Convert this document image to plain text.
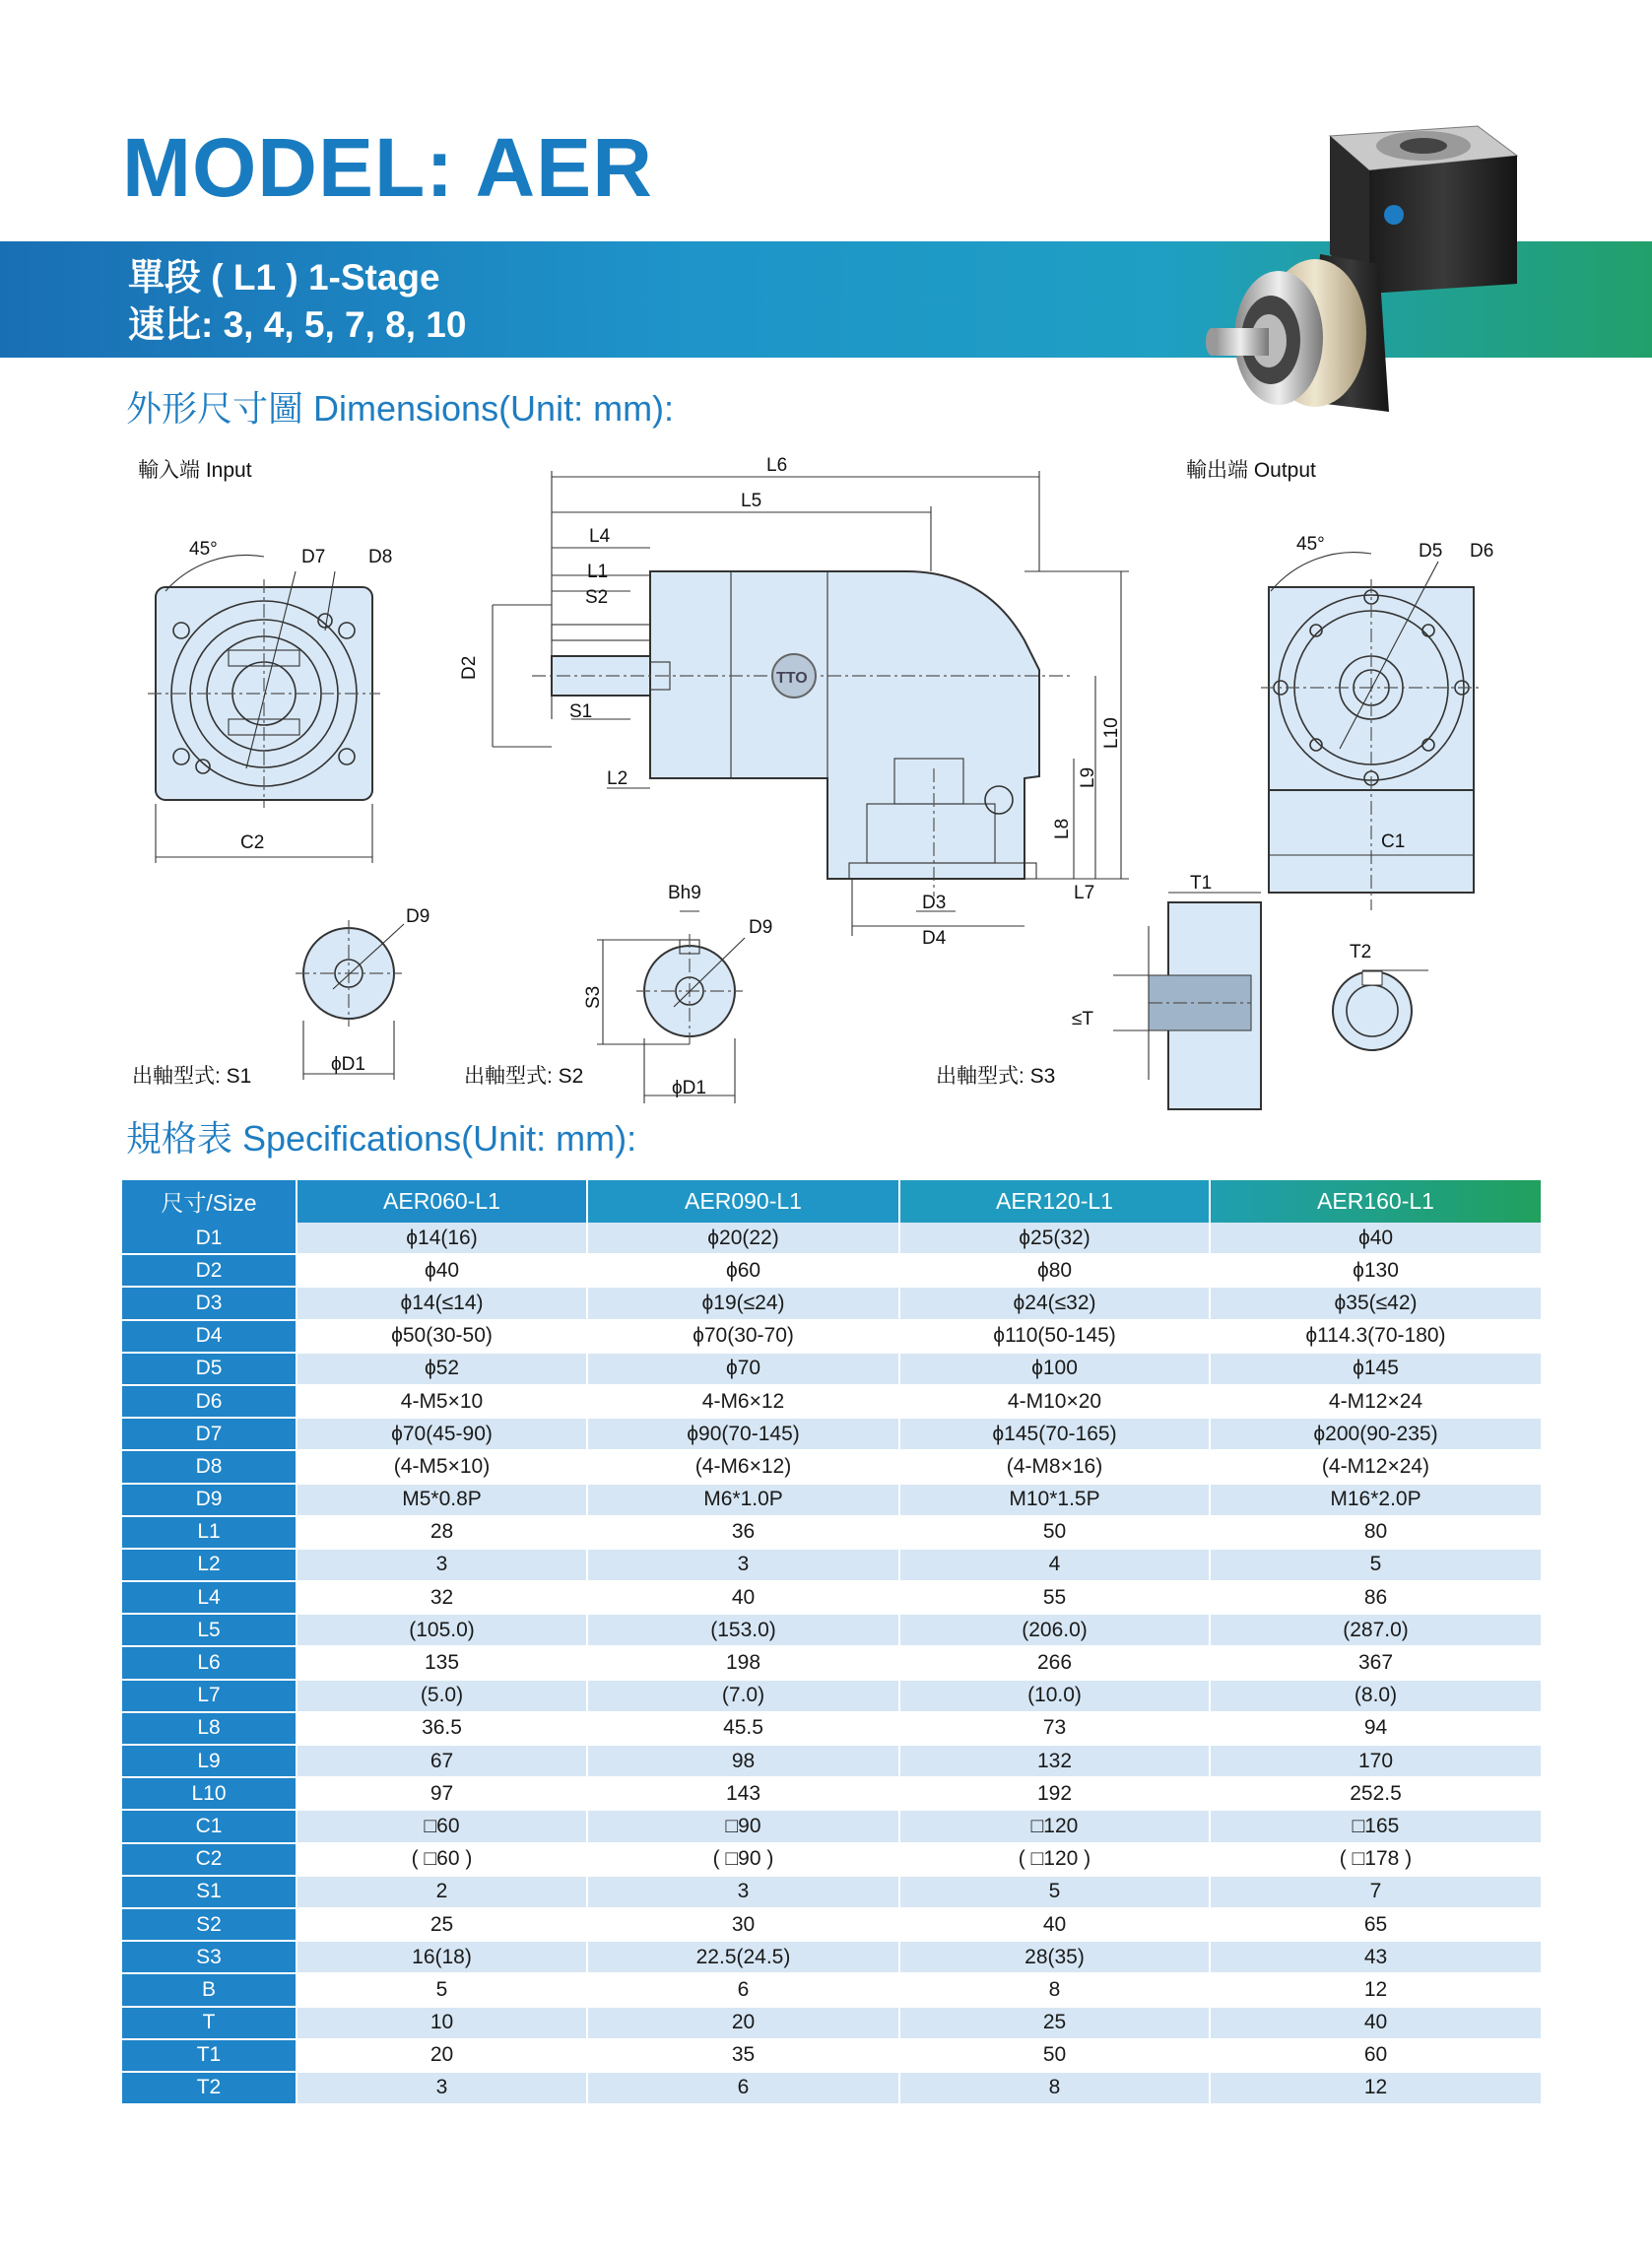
MODEL: AER
單段 ( L1 ) 1-Stage
速比: 3, 4, 5, 7, 8, 10
外形尺寸圖 Dimensions(Unit: mm):
輸入端 Input	輸出端 Output
出軸型式: S1	出軸型式: S2	出軸型式: S3
45°	D7 D8
C2
TTO
L6
L5
L4
L1
S2
S1
L2
L7
D3
D4
D2
L10
L9
L8
45°	D5 D6
C1
D9
ϕD1
Bh9
D9
ϕD1
S3
T1
≤T
T2
規格表 Specifications(Unit: mm):
尺寸/Size	AER060-L1	AER090-L1	AER120-L1	AER160-L1
D1	ϕ14(16)	ϕ20(22)	ϕ25(32)	ϕ40
D2	ϕ40	ϕ60	ϕ80	ϕ130
D3	ϕ14(≤14)	ϕ19(≤24)	ϕ24(≤32)	ϕ35(≤42)
D4	ϕ50(30-50)	ϕ70(30-70)	ϕ110(50-145)	ϕ114.3(70-180)
D5	ϕ52	ϕ70	ϕ100	ϕ145
D6	4-M5×10	4-M6×12	4-M10×20	4-M12×24
D7	ϕ70(45-90)	ϕ90(70-145)	ϕ145(70-165)	ϕ200(90-235)
D8	(4-M5×10)	(4-M6×12)	(4-M8×16)	(4-M12×24)
D9	M5*0.8P	M6*1.0P	M10*1.5P	M16*2.0P
L1	28	36	50	80
L2	3	3	4	5
L4	32	40	55	86
L5	(105.0)	(153.0)	(206.0)	(287.0)
L6	135	198	266	367
L7	(5.0)	(7.0)	(10.0)	(8.0)
L8	36.5	45.5	73	94
L9	67	98	132	170
L10	97	143	192	252.5
C1	□60	□90	□120	□165
C2	( □60 )	( □90 )	( □120 )	( □178 )
S1	2	3	5	7
S2	25	30	40	65
S3	16(18)	22.5(24.5)	28(35)	43
B	5	6	8	12
T	10	20	25	40
T1	20	35	50	60
T2	3	6	8	12
